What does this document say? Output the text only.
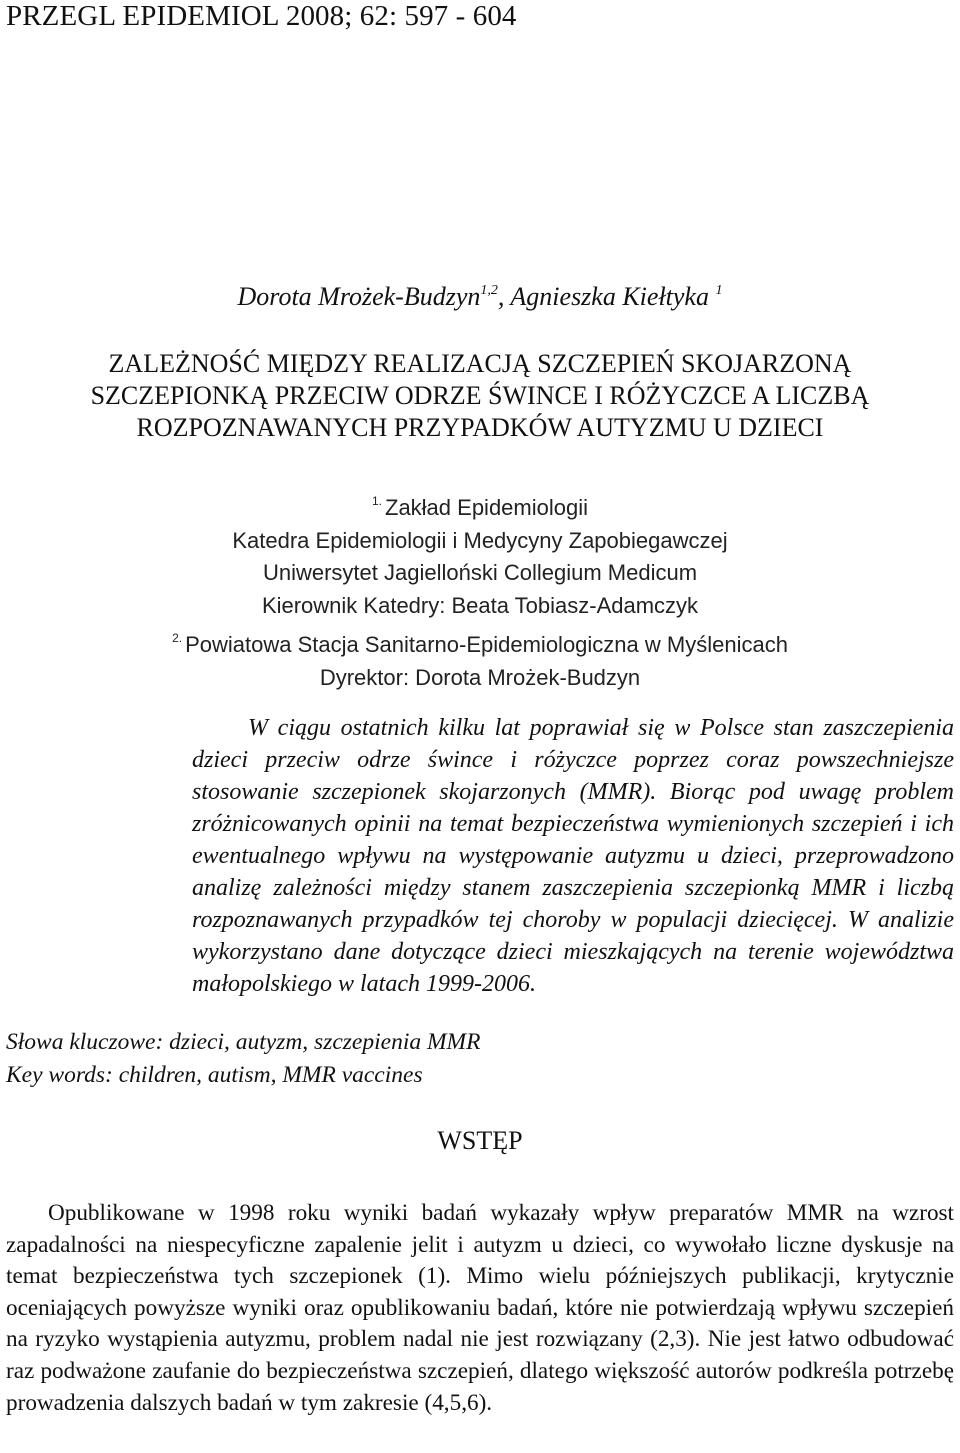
PRZEGL EPIDEMIOL 2008; 62: 597 - 604
Dorota Mrożek-Budzyn$^{1,2}$, Agnieszka Kiełtyka $^1$
ZALEŻNOŚĆ MIĘDZY REALIZACJĄ SZCZEPIEŃ SKOJARZONĄ
SZCZEPIONKĄ PRZECIW ODRZE ŚWINCE I RÓŻYCZCE A LICZBĄ
ROZPOZNAWANYCH PRZYPADKÓW AUTYZMU U DZIECI
$^{1.}$ Zakład Epidemiologii
Katedra Epidemiologii i Medycyny Zapobiegawczej
Uniwersytet Jagielloński Collegium Medicum
Kierownik Katedry: Beata Tobiasz-Adamczyk
$^{2.}$ Powiatowa Stacja Sanitarno-Epidemiologiczna w Myślenicach
Dyrektor: Dorota Mrożek-Budzyn

W ciągu ostatnich kilku lat poprawiał się w Polsce stan zaszczepienia dzieci przeciw odrze śwince i różyczce poprzez coraz powszechniejsze stosowanie szczepionek skojarzonych (MMR). Biorąc pod uwagę problem zróżnicowanych opinii na temat bezpieczeństwa wymienionych szczepień i ich ewentualnego wpływu na występowanie autyzmu u dzieci, przeprowadzono analizę zależności między stanem zaszczepienia szczepionką MMR i liczbą rozpoznawanych przypadków tej choroby w populacji dziecięcej. W analizie wykorzystano dane dotyczące dzieci mieszkających na terenie województwa małopolskiego w latach 1999-2006.

Słowa kluczowe: dzieci, autyzm, szczepienia MMR
Key words: children, autism, MMR vaccines
WSTĘP

Opublikowane w 1998 roku wyniki badań wykazały wpływ preparatów MMR na wzrost zapadalności na niespecyficzne zapalenie jelit i autyzm u dzieci, co wywołało liczne dyskusje na temat bezpieczeństwa tych szczepionek (1). Mimo wielu późniejszych publikacji, krytycznie oceniających powyższe wyniki oraz opublikowaniu badań, które nie potwierdzają wpływu szczepień na ryzyko wystąpienia autyzmu, problem nadal nie jest rozwiązany (2,3). Nie jest łatwo odbudować raz podważone zaufanie do bezpieczeństwa szczepień, dlatego większość autorów podkreśla potrzebę prowadzenia dalszych badań w tym zakresie (4,5,6).
